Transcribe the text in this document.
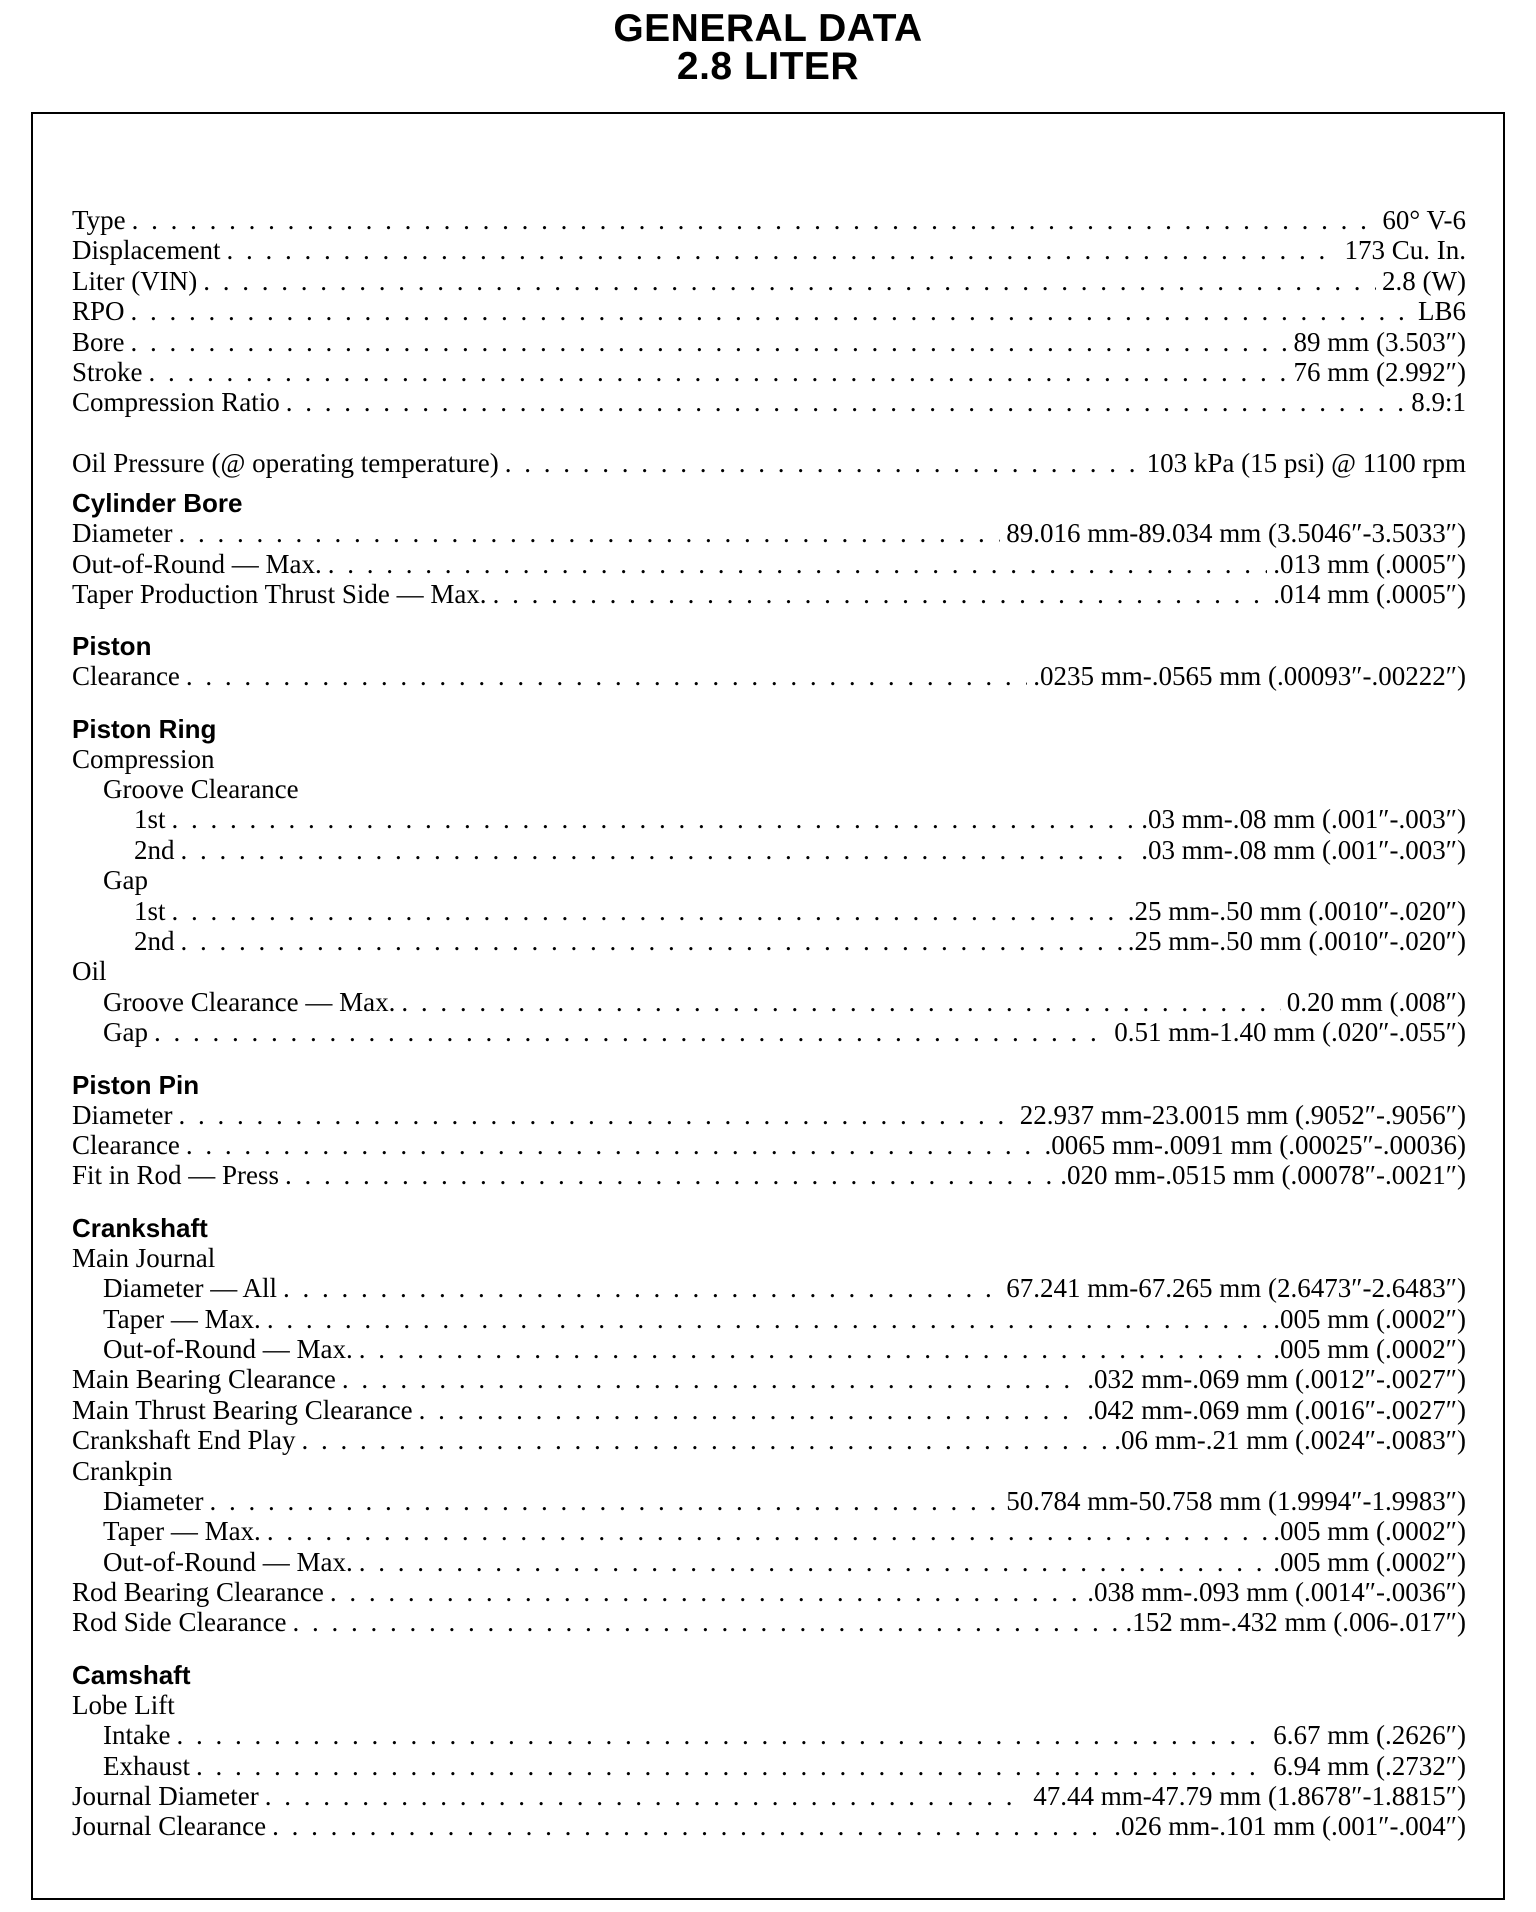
GENERAL DATA
2.8 LITER
Type . . .	60° V-6
Displacement . . .	173 Cu. In.
Liter (VIN) . . .	2.8 (W)
RPO . . .	LB6
Bore . . .	89 mm (3.503″)
Stroke . . .	76 mm (2.992″)
Compression Ratio . . .	8.9:1
Oil Pressure (@ operating temperature) . . .	103 kPa (15 psi) @ 1100 rpm
Cylinder Bore
Diameter . . .	89.016 mm-89.034 mm (3.5046″-3.5033″)
Out-of-Round — Max. . . .	.013 mm (.0005″)
Taper Production Thrust Side — Max. . . .	.014 mm (.0005″)
Piston
Clearance . . .	.0235 mm-.0565 mm (.00093″-.00222″)
Piston Ring
Compression
Groove Clearance
1st . . .	.03 mm-.08 mm (.001″-.003″)
2nd . . .	.03 mm-.08 mm (.001″-.003″)
Gap
1st . . .	.25 mm-.50 mm (.0010″-.020″)
2nd . . .	.25 mm-.50 mm (.0010″-.020″)
Oil
Groove Clearance — Max. . . .	0.20 mm (.008″)
Gap . . .	0.51 mm-1.40 mm (.020″-.055″)
Piston Pin
Diameter . . .	22.937 mm-23.0015 mm (.9052″-.9056″)
Clearance . . .	.0065 mm-.0091 mm (.00025″-.00036)
Fit in Rod — Press . . .	.020 mm-.0515 mm (.00078″-.0021″)
Crankshaft
Main Journal
Diameter — All . . .	67.241 mm-67.265 mm (2.6473″-2.6483″)
Taper — Max. . . .	.005 mm (.0002″)
Out-of-Round — Max. . . .	.005 mm (.0002″)
Main Bearing Clearance . . .	.032 mm-.069 mm (.0012″-.0027″)
Main Thrust Bearing Clearance . . .	.042 mm-.069 mm (.0016″-.0027″)
Crankshaft End Play . . .	.06 mm-.21 mm (.0024″-.0083″)
Crankpin
Diameter . . .	50.784 mm-50.758 mm (1.9994″-1.9983″)
Taper — Max. . . .	.005 mm (.0002″)
Out-of-Round — Max. . . .	.005 mm (.0002″)
Rod Bearing Clearance . . .	.038 mm-.093 mm (.0014″-.0036″)
Rod Side Clearance . . .	.152 mm-.432 mm (.006-.017″)
Camshaft
Lobe Lift
Intake . . .	6.67 mm (.2626″)
Exhaust . . .	6.94 mm (.2732″)
Journal Diameter . . .	47.44 mm-47.79 mm (1.8678″-1.8815″)
Journal Clearance . . .	.026 mm-.101 mm (.001″-.004″)
